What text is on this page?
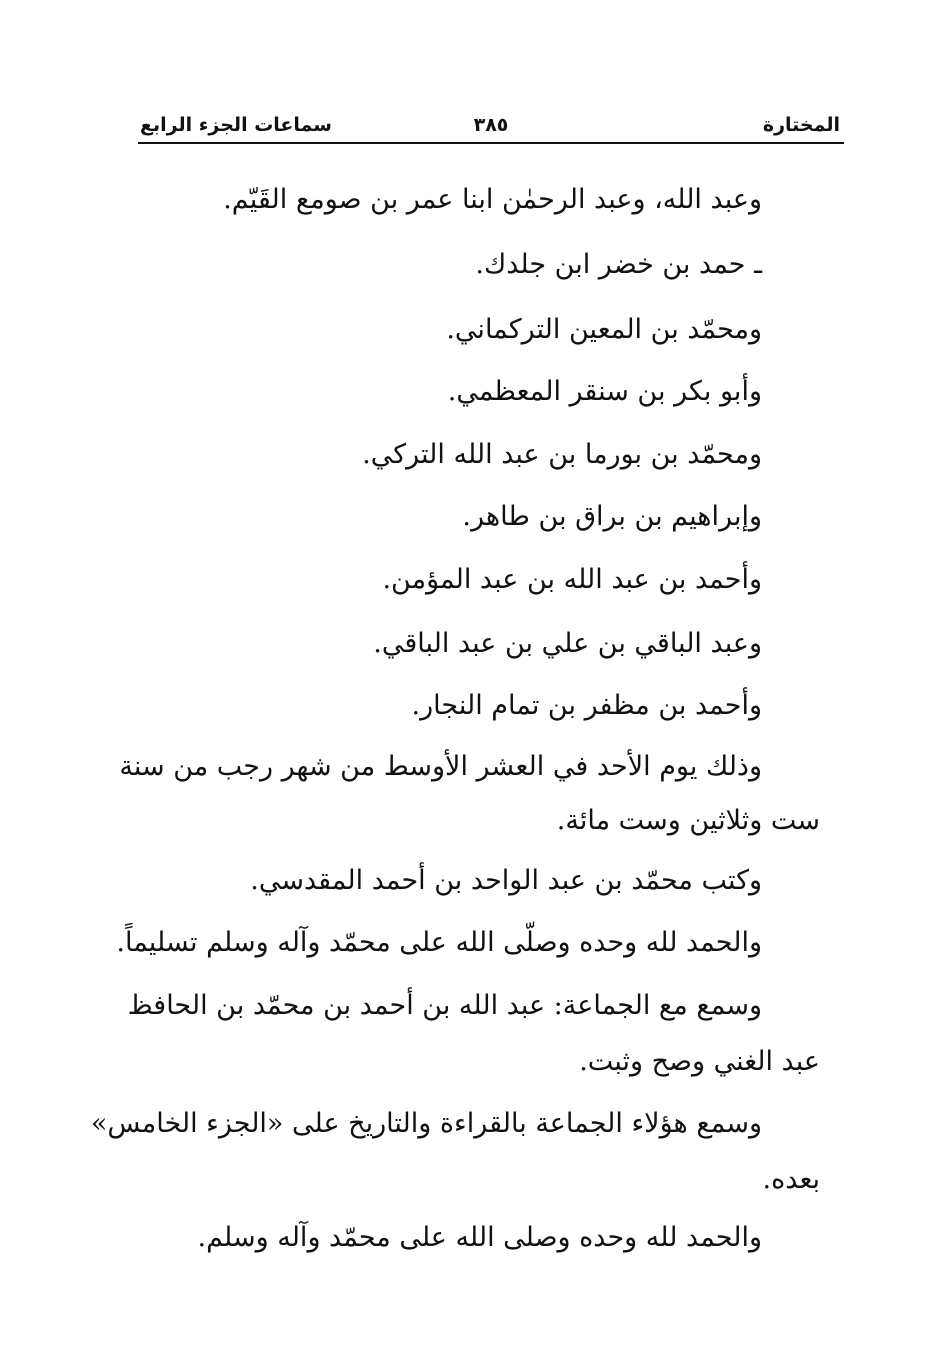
المختارة
٣٨٥
سماعات الجزء الرابع
وعبد الله، وعبد الرحمٰن ابنا عمر بن صومع القَيّم.
ـ حمد بن خضر ابن جلدك.
ومحمّد بن المعين التركماني.
وأبو بكر بن سنقر المعظمي.
ومحمّد بن بورما بن عبد الله التركي.
وإبراهيم بن براق بن طاهر.
وأحمد بن عبد الله بن عبد المؤمن.
وعبد الباقي بن علي بن عبد الباقي.
وأحمد بن مظفر بن تمام النجار.
وذلك يوم الأحد في العشر الأوسط من شهر رجب من سنة
ست وثلاثين وست مائة.
وكتب محمّد بن عبد الواحد بن أحمد المقدسي.
والحمد لله وحده وصلّى الله على محمّد وآله وسلم تسليماً.
وسمع مع الجماعة: عبد الله بن أحمد بن محمّد بن الحافظ
عبد الغني وصح وثبت.
وسمع هؤلاء الجماعة بالقراءة والتاريخ على «الجزء الخامس»
بعده.
والحمد لله وحده وصلى الله على محمّد وآله وسلم.
